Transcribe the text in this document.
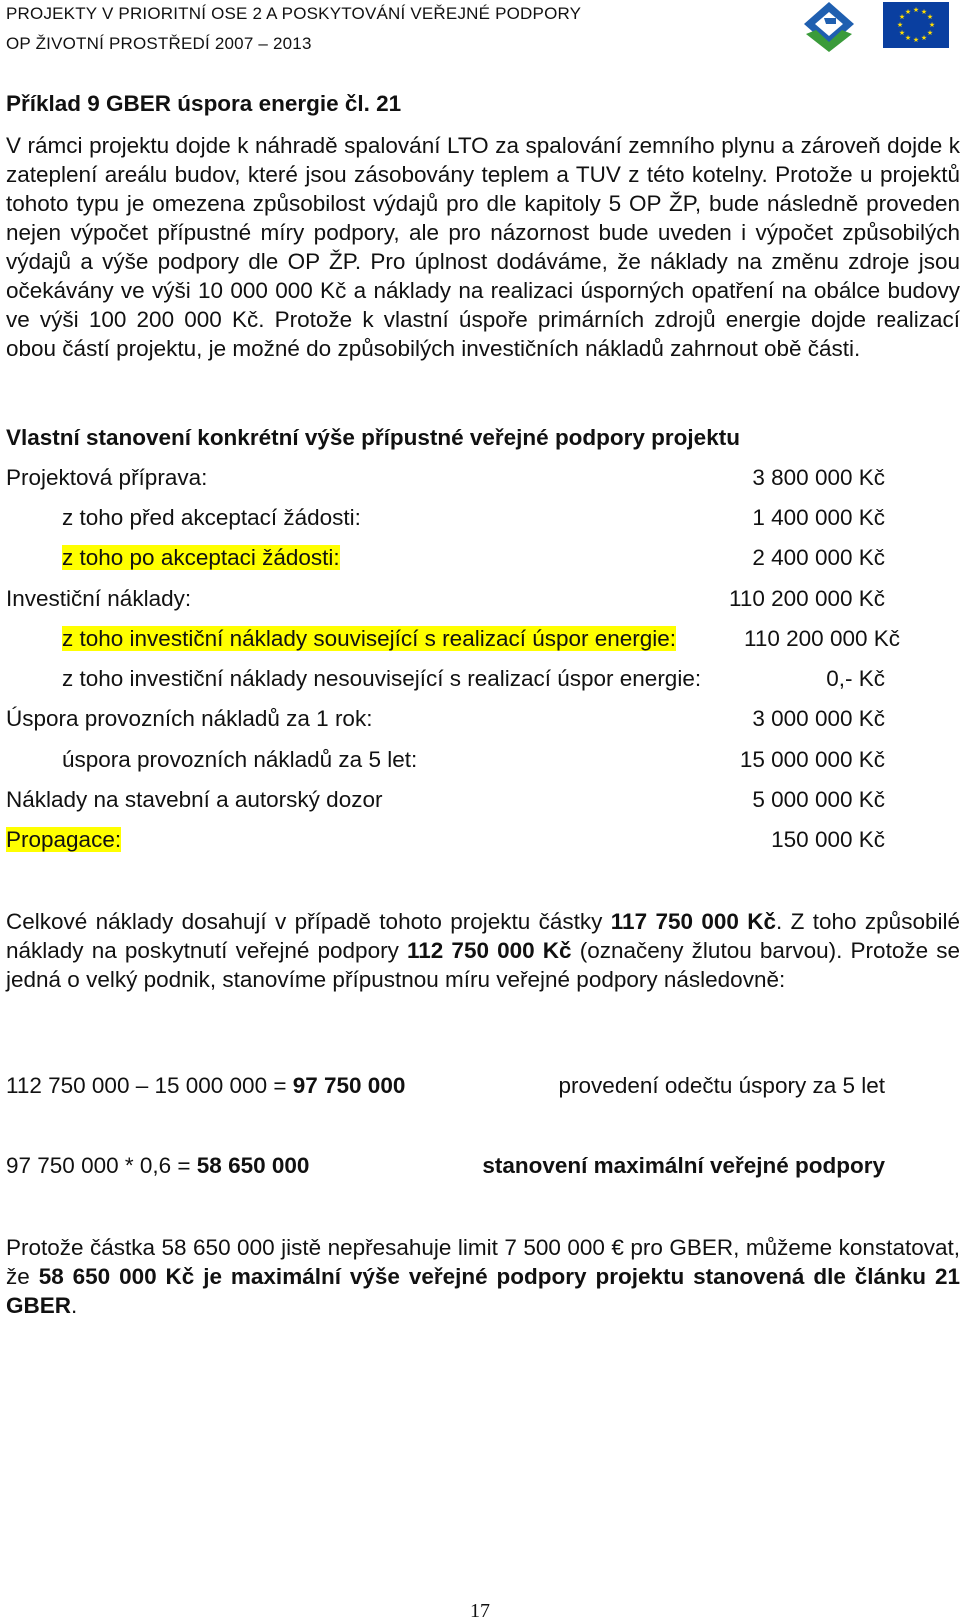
PROJEKTY V PRIORITNÍ OSE 2 A POSKYTOVÁNÍ VEŘEJNÉ PODPORY
OP ŽIVOTNÍ PROSTŘEDÍ 2007 – 2013
★ ★
★
★
★
★
★
★
★
★
★
★
Příklad 9 GBER úspora energie čl. 21

V rámci projektu dojde k náhradě spalování LTO za spalování zemního plynu a zároveň dojde k zateplení areálu budov, které jsou zásobovány teplem a TUV z této kotelny. Protože u projektů tohoto typu je omezena způsobilost výdajů pro dle kapitoly 5 OP ŽP, bude následně proveden nejen výpočet přípustné míry podpory, ale pro názornost bude uveden i výpočet způsobilých výdajů a výše podpory dle OP ŽP. Pro úplnost dodáváme, že náklady na změnu zdroje jsou očekávány ve výši 10 000 000 Kč a náklady na realizaci úsporných opatření na obálce budovy ve výši 100 200 000 Kč. Protože k vlastní úspoře primárních zdrojů energie dojde realizací obou částí projektu, je možné do způsobilých investičních nákladů zahrnout obě části.

Vlastní stanovení konkrétní výše přípustné veřejné podpory projektu
Projektová příprava:	3 800 000 Kč
z toho před akceptací žádosti:	1 400 000 Kč
z toho po akceptaci žádosti:	2 400 000 Kč
Investiční náklady:	110 200 000 Kč
z toho investiční náklady související s realizací úspor energie:	110 200 000 Kč
z toho investiční náklady nesouvisející s realizací úspor energie:	0,- Kč
Úspora provozních nákladů za 1 rok:	3 000 000 Kč
úspora provozních nákladů za 5 let:	15 000 000 Kč
Náklady na stavební a autorský dozor	5 000 000 Kč
Propagace:	150 000 Kč

Celkové náklady dosahují v případě tohoto projektu částky 117 750 000 Kč. Z toho způsobilé náklady na poskytnutí veřejné podpory 112 750 000 Kč (označeny žlutou barvou). Protože se jedná o velký podnik, stanovíme přípustnou míru veřejné podpory následovně:

112 750 000 – 15 000 000 = 97 750 000	provedení odečtu úspory za 5 let
97 750 000 * 0,6 = 58 650 000	stanovení maximální veřejné podpory

Protože částka 58 650 000 jistě nepřesahuje limit 7 500 000 € pro GBER, můžeme konstatovat, že 58 650 000 Kč je maximální výše veřejné podpory projektu stanovená dle článku 21 GBER.

17
